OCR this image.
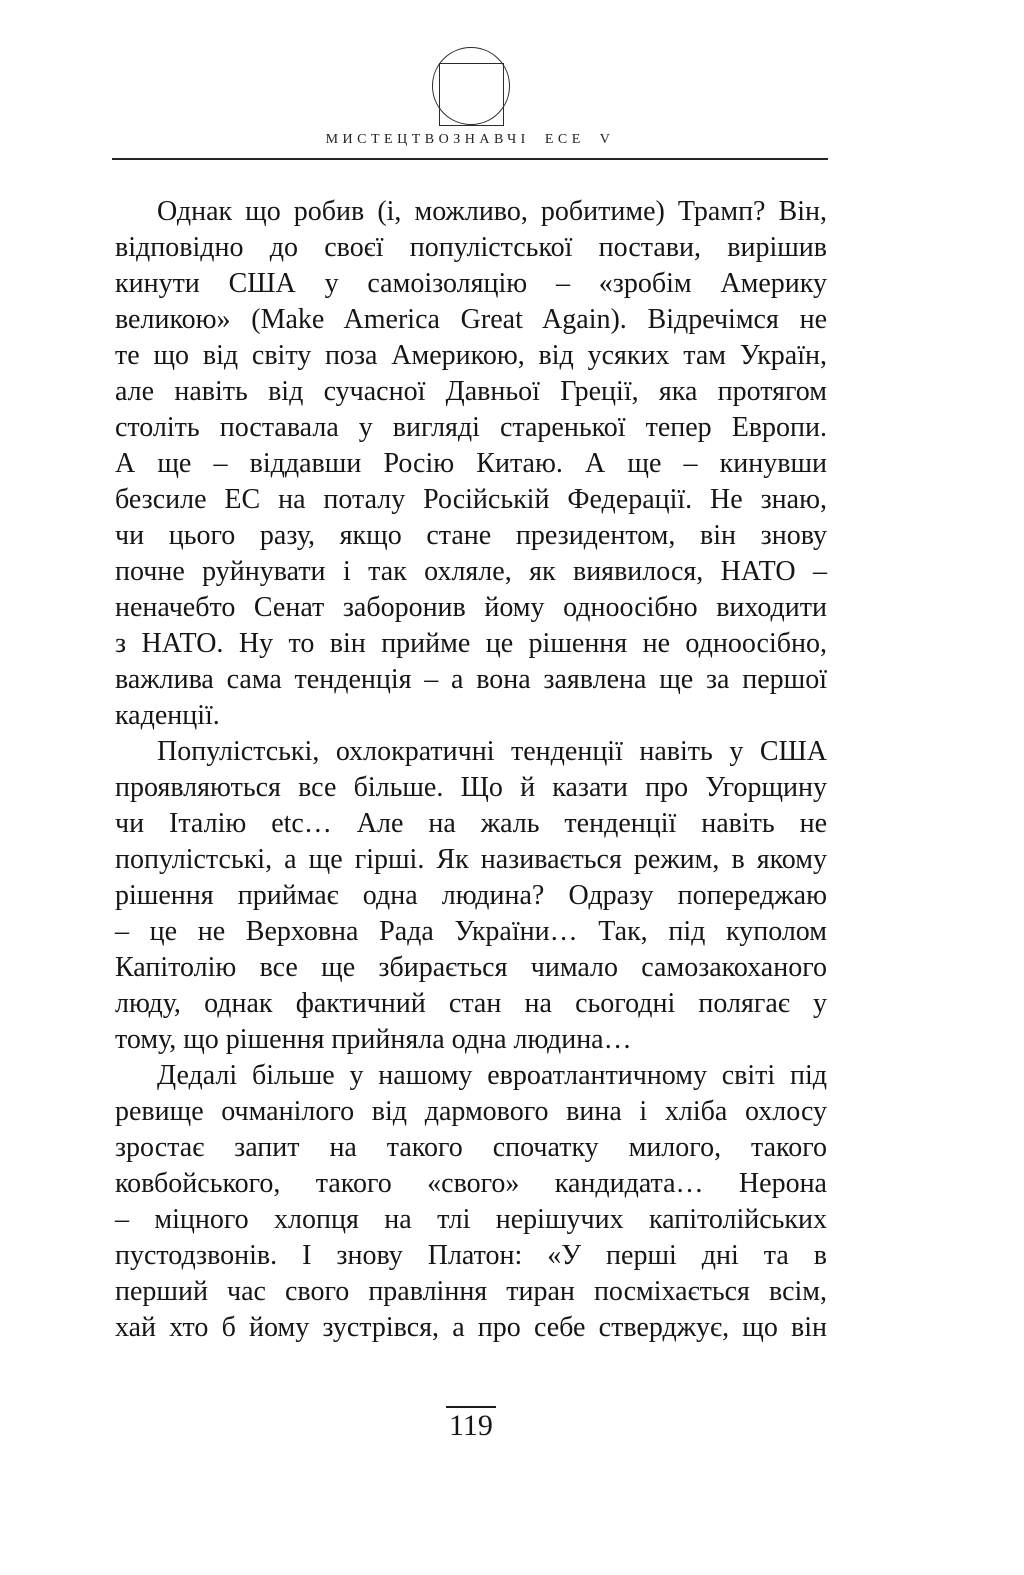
МИСТЕЦТВОЗНАВЧІ ЕСЕ V
Однак що робив (і, можливо, робитиме) Трамп? Він,
відповідно до своєї популістської постави, вирішив
кинути США у самоізоляцію – «зробім Америку
великою» (Make America Great Again). Відречімся не
те що від світу поза Америкою, від усяких там Україн,
але навіть від сучасної Давньої Греції, яка протягом
століть поставала у вигляді старенької тепер Европи.
А ще – віддавши Росію Китаю. А ще – кинувши
безсиле ЕС на поталу Російській Федерації. Не знаю,
чи цього разу, якщо стане президентом, він знову
почне руйнувати і так охляле, як виявилося, НАТО –
неначебто Сенат заборонив йому одноосібно виходити
з НАТО. Ну то він прийме це рішення не одноосібно,
важлива сама тенденція – а вона заявлена ще за першої
каденції.
Популістські, охлократичні тенденції навіть у США
проявляються все більше. Що й казати про Угорщину
чи Італію etc… Але на жаль тенденції навіть не
популістські, а ще гірші. Як називається режим, в якому
рішення приймає одна людина? Одразу попереджаю
– це не Верховна Рада України… Так, під куполом
Капітолію все ще збирається чимало самозакоханого
люду, однак фактичний стан на сьогодні полягає у
тому, що рішення прийняла одна людина…
Дедалі більше у нашому евроатлантичному світі під
ревище очманілого від дармового вина і хліба охлосу
зростає запит на такого спочатку милого, такого
ковбойського, такого «свого» кандидата… Нерона
– міцного хлопця на тлі нерішучих капітолійських
пустодзвонів. І знову Платон: «У перші дні та в
перший час свого правління тиран посміхається всім,
хай хто б йому зустрівся, а про себе стверджує, що він
119
